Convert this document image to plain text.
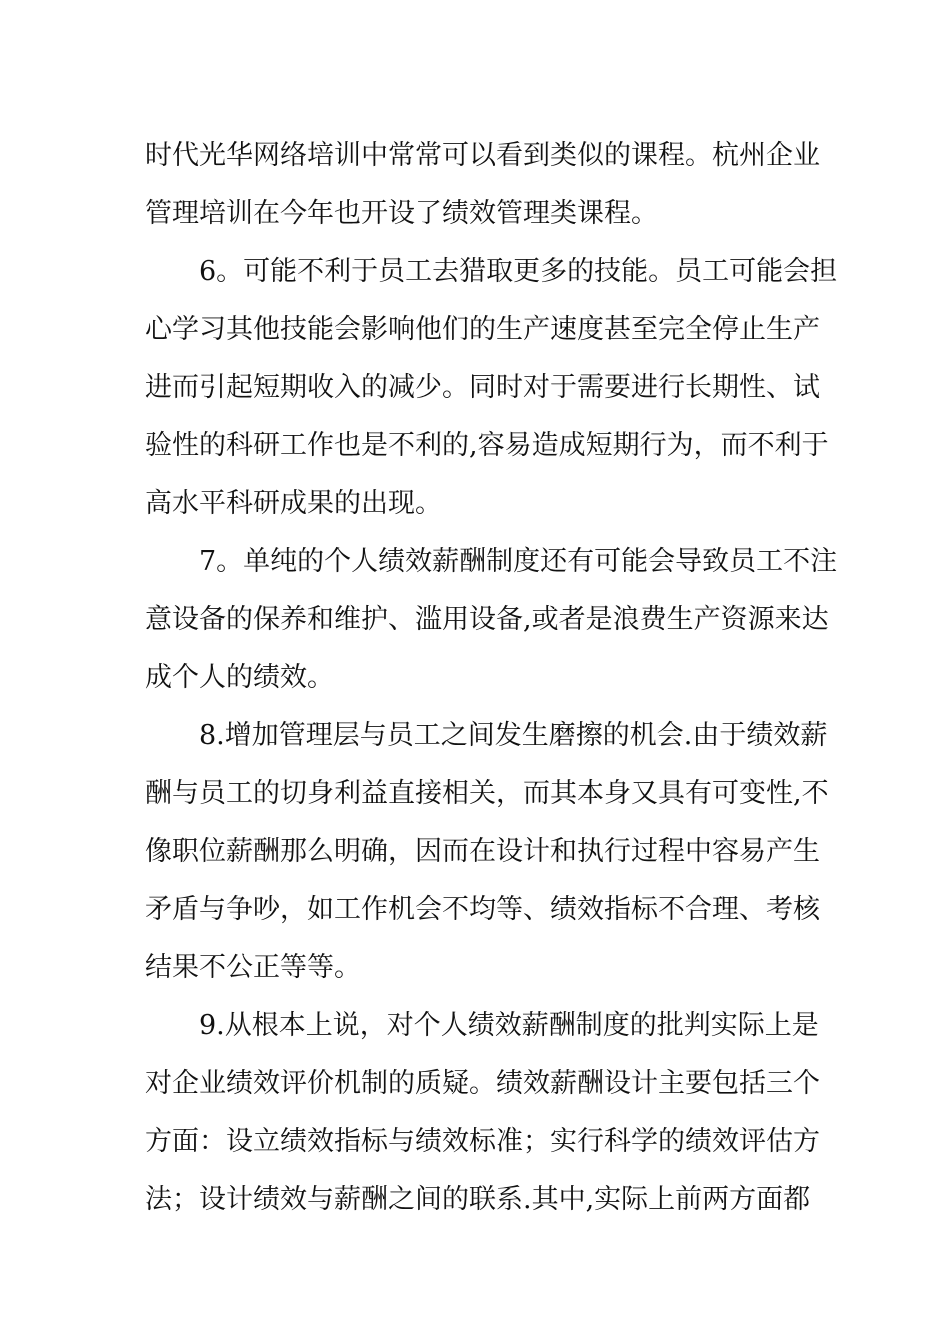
时代光华网络培训中常常可以看到类似的课程。杭州企业
管理培训在今年也开设了绩效管理类课程。
6。可能不利于员工去猎取更多的技能。员工可能会担
心学习其他技能会影响他们的生产速度甚至完全停止生产
进而引起短期收入的减少。同时对于需要进行长期性、试
验性的科研工作也是不利的,容易造成短期行为，而不利于
高水平科研成果的出现。
7。单纯的个人绩效薪酬制度还有可能会导致员工不注
意设备的保养和维护、滥用设备,或者是浪费生产资源来达
成个人的绩效。
8.增加管理层与员工之间发生磨擦的机会.由于绩效薪
酬与员工的切身利益直接相关，而其本身又具有可变性,不
像职位薪酬那么明确，因而在设计和执行过程中容易产生
矛盾与争吵，如工作机会不均等、绩效指标不合理、考核
结果不公正等等。
9.从根本上说，对个人绩效薪酬制度的批判实际上是
对企业绩效评价机制的质疑。绩效薪酬设计主要包括三个
方面：设立绩效指标与绩效标准；实行科学的绩效评估方
法；设计绩效与薪酬之间的联系.其中,实际上前两方面都
